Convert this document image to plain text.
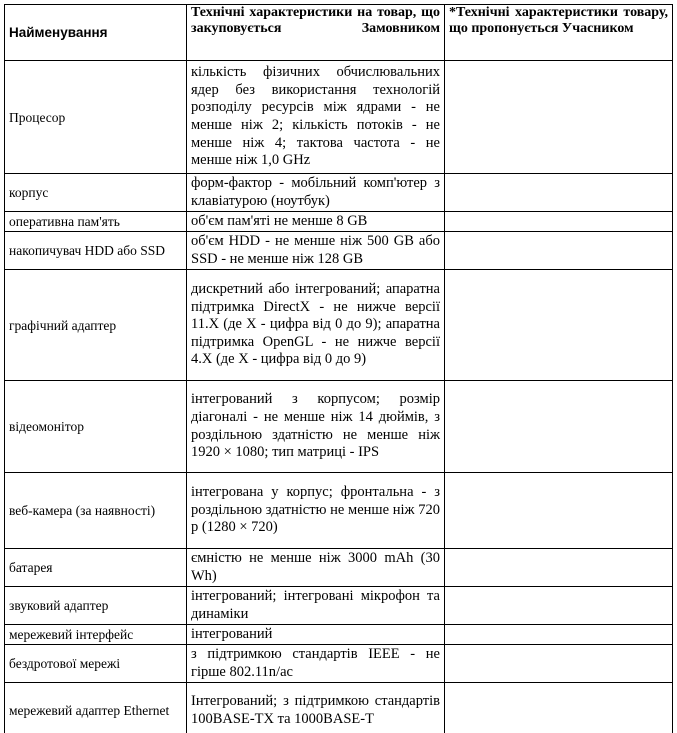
Найменування	Технічні характеристики на товар, що закуповується Замовником	*Технічні характеристики товару, що пропонується Учасником
Процесор	кількість фізичних обчислювальних ядер без використання технологій розподілу ресурсів між ядрами - не менше ніж 2; кількість потоків - не менше ніж 4; тактова частота - не менше ніж 1,0 GHz	
корпус	форм-фактор - мобільний комп'ютер з клавіатурою (ноутбук)	
оперативна пам'ять	об'єм пам'яті не менше 8 GB	
накопичувач HDD або SSD	об'єм HDD - не менше ніж 500 GB або SSD - не менше ніж 128 GB	
графічний адаптер	дискретний або інтегрований; апаратна підтримка DirectX - не нижче версії 11.X (де X - цифра від 0 до 9); апаратна підтримка OpenGL - не нижче версії 4.X (де X - цифра від 0 до 9)	
відеомонітор	інтегрований з корпусом; розмір діагоналі - не менше ніж 14 дюймів, з роздільною здатністю не менше ніж 1920 × 1080; тип матриці - IPS	
веб-камера (за наявності)	інтегрована у корпус; фронтальна - з роздільною здатністю не менше ніж 720 p (1280 × 720)	
батарея	ємністю не менше ніж 3000 mAh (30 Wh)	
звуковий адаптер	інтегрований; інтегровані мікрофон та динаміки	
мережевий інтерфейс	інтегрований	
бездротової мережі	з підтримкою стандартів IEEE - не гірше 802.11n/ac	
мережевий адаптер Ethernet	Інтегрований; з підтримкою стандартів 100BASE-TX та 1000BASE-T	
